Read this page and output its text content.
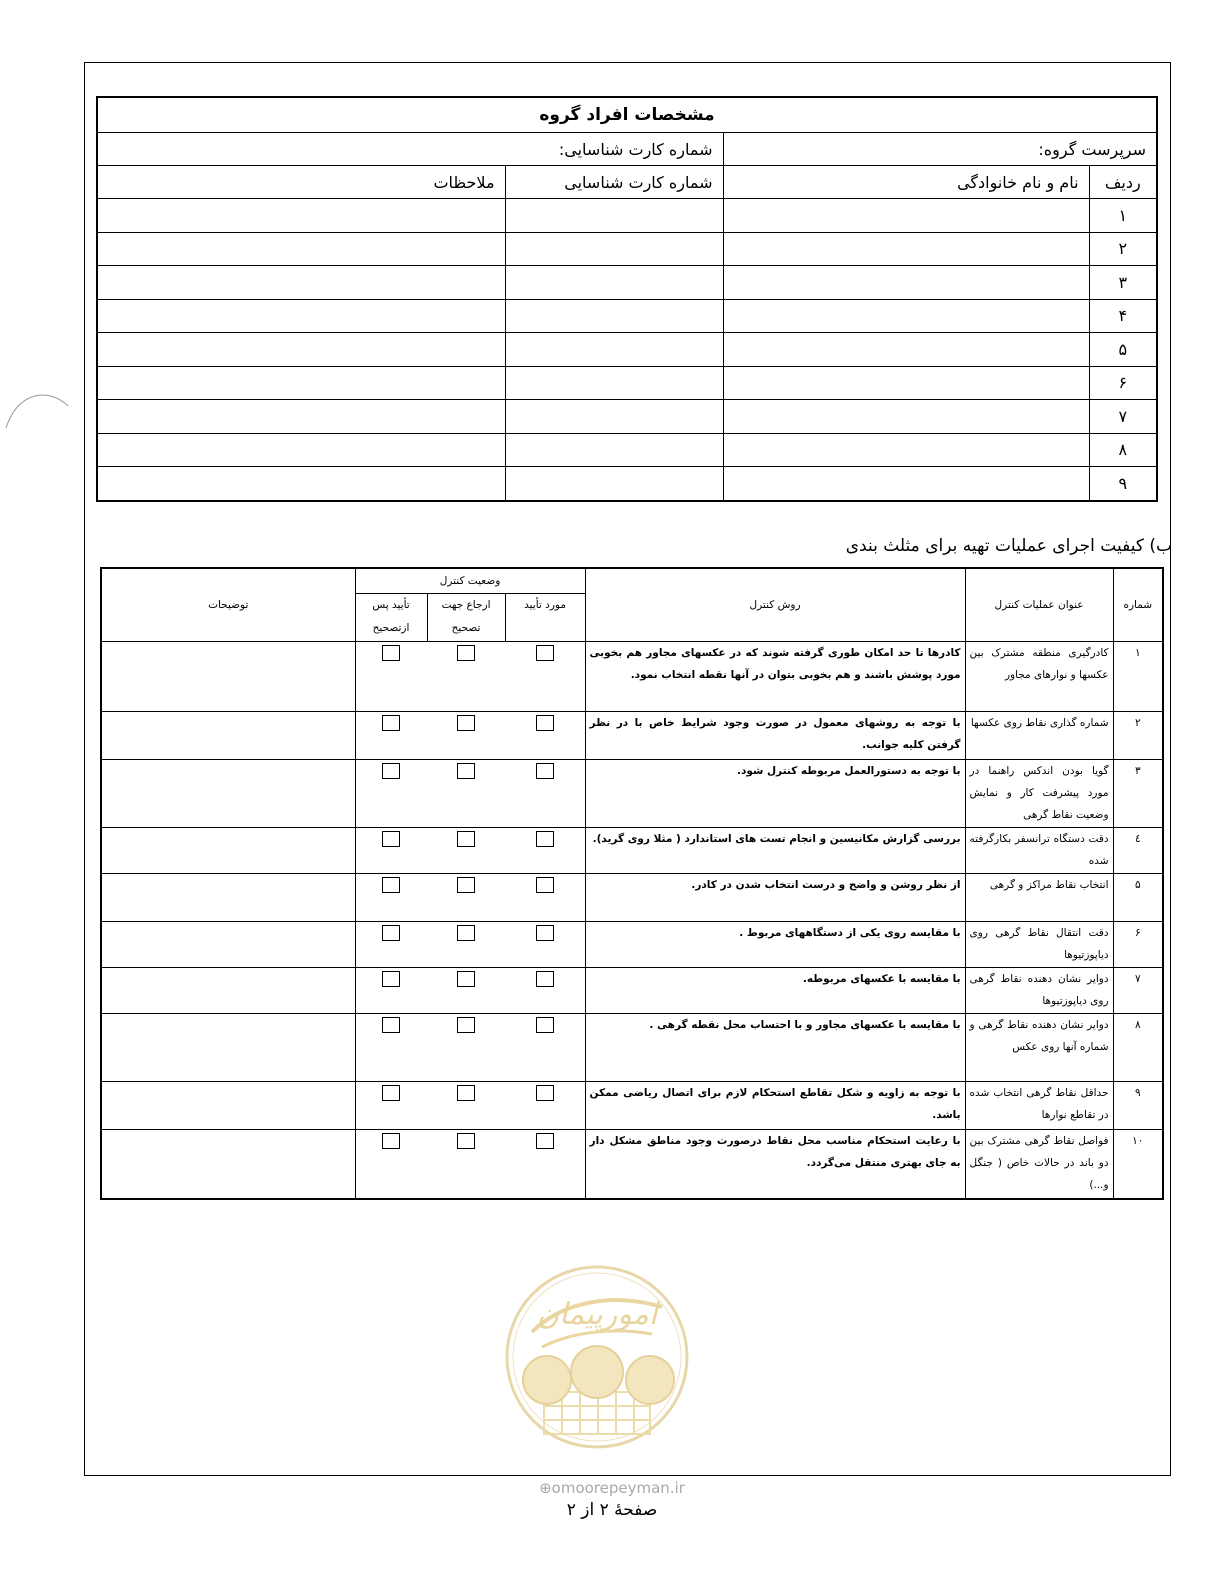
مشخصات افراد گروه			
سرپرست گروه:		شماره کارت شناسایی:	
ردیف	نام و نام خانوادگی	شماره کارت شناسایی	ملاحظات
۱			
۲			
۳			
۴			
۵			
۶			
۷			
۸			
۹			
ب) کیفیت اجرای عملیات تهیه برای مثلث بندی
شماره	عنوان عملیات کنترل	روش کنترل	وضعیت کنترل			توضیحات
			مورد تأیید	ارجاع جهت	تأیید پس	
				تصحیح	ازتصحیح	
۱	کادرگیری منطقه مشترک بین عکسها و نوارهای مجاور	کادرها تا حد امکان طوری گرفته شوند که در عکسهای مجاور هم بخوبی مورد پوشش باشند و هم بخوبی بتوان در آنها نقطه انتخاب نمود.				
۲	شماره گذاری نقاط روی عکسها	با توجه به روشهای معمول در صورت وجود شرایط خاص با در نظر گرفتن کلیه جوانب.				
۳	گویا بودن اندکس راهنما در مورد پیشرفت کار و نمایش وضعیت نقاط گرهی	با توجه به دستورالعمل مربوطه کنترل شود.				
٤	دقت دستگاه ترانسفر بکارگرفته شده	بررسی گزارش مکانیسین و انجام تست های استاندارد ( مثلا روی گرید).				
۵	انتخاب نقاط مراکز و گرهی	از نظر روشن و واضح و درست انتخاب شدن در کادر.				
۶	دقت انتقال نقاط گرهی روی دیاپوزتیوها	با مقایسه روی یکی از دستگاههای مربوط .				
۷	دوایر نشان دهنده نقاط گرهی روی دیاپوزتیوها	با مقایسه با عکسهای مربوطه.				
۸	دوایر نشان دهنده نقاط گرهی و شماره آنها روی عکس	با مقایسه با عکسهای مجاور و با احتساب محل نقطه گرهی .				
۹	حداقل نقاط گرهی انتخاب شده در تقاطع نوارها	با توجه به زاویه و شکل تقاطع استحکام لازم برای اتصال ریاضی ممکن باشد.				
۱۰	فواصل نقاط گرهی مشترک بین دو باند در حالات خاص ( جنگل و...)	با رعایت استحکام مناسب محل نقاط درصورت وجود مناطق مشکل دار به جای بهتری منتقل می‌گردد.				
امورپیمان
⊕omoorepeyman.ir
صفحهٔ ۲ از ۲
